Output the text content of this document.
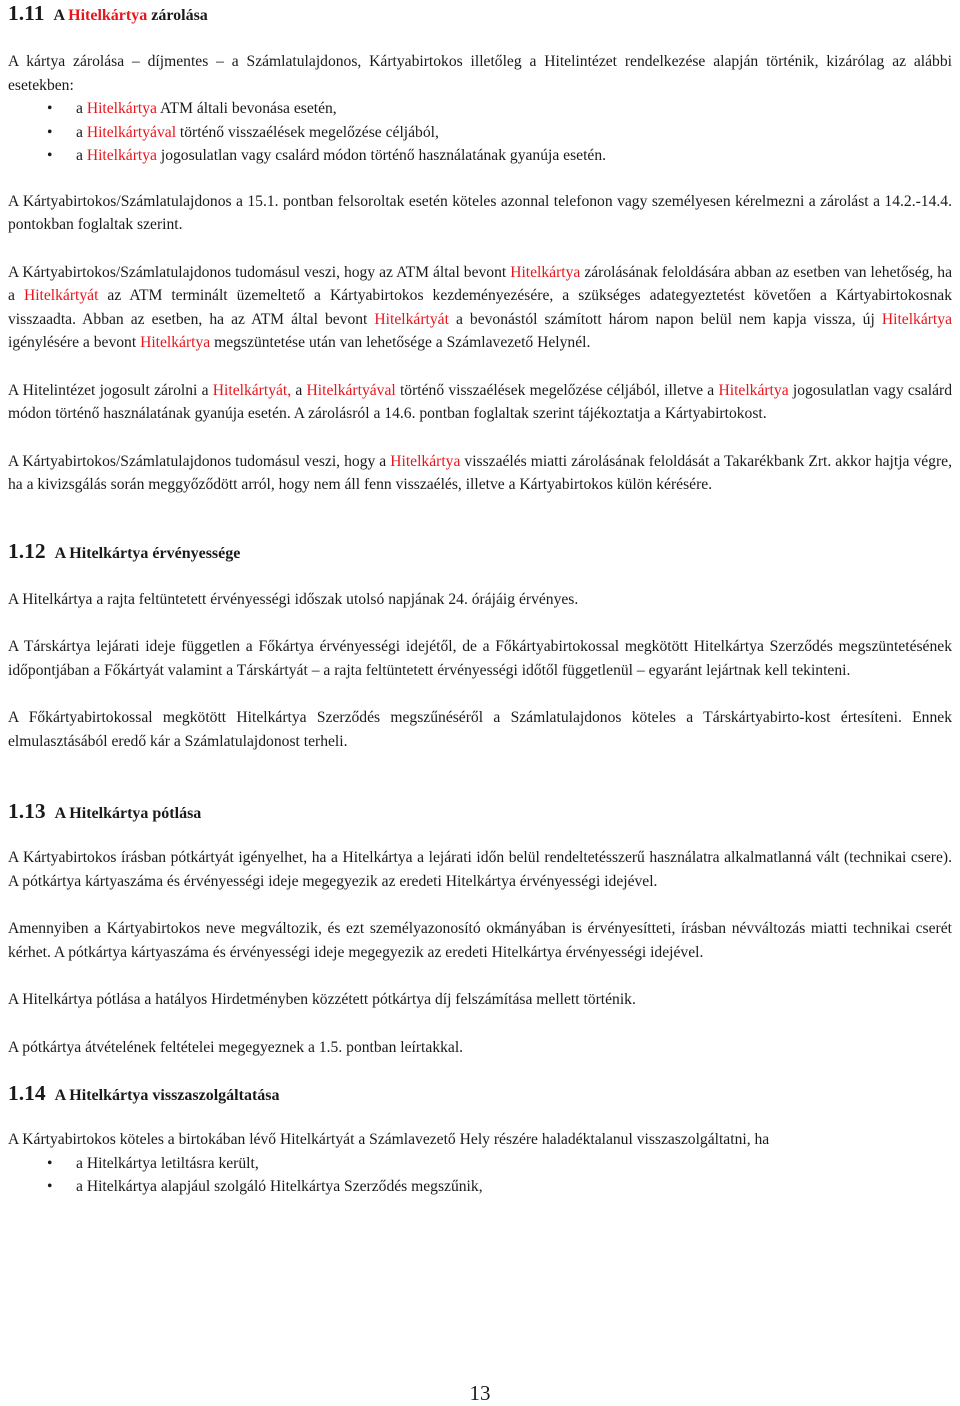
1.11 A Hitelkártya zárolása

A kártya zárolása – díjmentes – a Számlatulajdonos, Kártyabirtokos illetőleg a Hitelintézet rendelkezése alapján történik, kizárólag az alábbi esetekben:

• a Hitelkártya ATM általi bevonása esetén,
• a Hitelkártyával történő visszaélések megelőzése céljából,
• a Hitelkártya jogosulatlan vagy csalárd módon történő használatának gyanúja esetén.

A Kártyabirtokos/Számlatulajdonos a 15.1. pontban felsoroltak esetén köteles azonnal telefonon vagy személyesen kérelmezni a zárolást a 14.2.-14.4. pontokban foglaltak szerint.

A Kártyabirtokos/Számlatulajdonos tudomásul veszi, hogy az ATM által bevont Hitelkártya zárolásának feloldására abban az esetben van lehetőség, ha a Hitelkártyát az ATM terminált üzemeltető a Kártyabirtokos kezdeményezésére, a szükséges adategyeztetést követően a Kártyabirtokosnak visszaadta. Abban az esetben, ha az ATM által bevont Hitelkártyát a bevonástól számított három napon belül nem kapja vissza, új Hitelkártya igénylésére a bevont Hitelkártya megszüntetése után van lehetősége a Számlavezető Helynél.

A Hitelintézet jogosult zárolni a Hitelkártyát, a Hitelkártyával történő visszaélések megelőzése céljából, illetve a Hitelkártya jogosulatlan vagy csalárd módon történő használatának gyanúja esetén. A zárolásról a 14.6. pontban foglaltak szerint tájékoztatja a Kártyabirtokost.

A Kártyabirtokos/Számlatulajdonos tudomásul veszi, hogy a Hitelkártya visszaélés miatti zárolásának feloldását a Takarékbank Zrt. akkor hajtja végre, ha a kivizsgálás során meggyőződött arról, hogy nem áll fenn visszaélés, illetve a Kártyabirtokos külön kérésére.

1.12 A Hitelkártya érvényessége

A Hitelkártya a rajta feltüntetett érvényességi időszak utolsó napjának 24. órájáig érvényes.

A Társkártya lejárati ideje független a Főkártya érvényességi idejétől, de a Főkártyabirtokossal megkötött Hitelkártya Szerződés megszüntetésének időpontjában a Főkártyát valamint a Társkártyát – a rajta feltüntetett érvényességi időtől függetlenül – egyaránt lejártnak kell tekinteni.

A Főkártyabirtokossal megkötött Hitelkártya Szerződés megszűnéséről a Számlatulajdonos köteles a Társkártyabirto-kost értesíteni. Ennek elmulasztásából eredő kár a Számlatulajdonost terheli.

1.13 A Hitelkártya pótlása

A Kártyabirtokos írásban pótkártyát igényelhet, ha a Hitelkártya a lejárati időn belül rendeltetésszerű használatra alkalmatlanná vált (technikai csere). A pótkártya kártyaszáma és érvényességi ideje megegyezik az eredeti Hitelkártya érvényességi idejével.

Amennyiben a Kártyabirtokos neve megváltozik, és ezt személyazonosító okmányában is érvényesítteti, írásban névváltozás miatti technikai cserét kérhet. A pótkártya kártyaszáma és érvényességi ideje megegyezik az eredeti Hitelkártya érvényességi idejével.

A Hitelkártya pótlása a hatályos Hirdetményben közzétett pótkártya díj felszámítása mellett történik.

A pótkártya átvételének feltételei megegyeznek a 1.5. pontban leírtakkal.

1.14 A Hitelkártya visszaszolgáltatása

A Kártyabirtokos köteles a birtokában lévő Hitelkártyát a Számlavezető Hely részére haladéktalanul visszaszolgáltatni, ha

• a Hitelkártya letiltásra került,
• a Hitelkártya alapjául szolgáló Hitelkártya Szerződés megszűnik,
13
